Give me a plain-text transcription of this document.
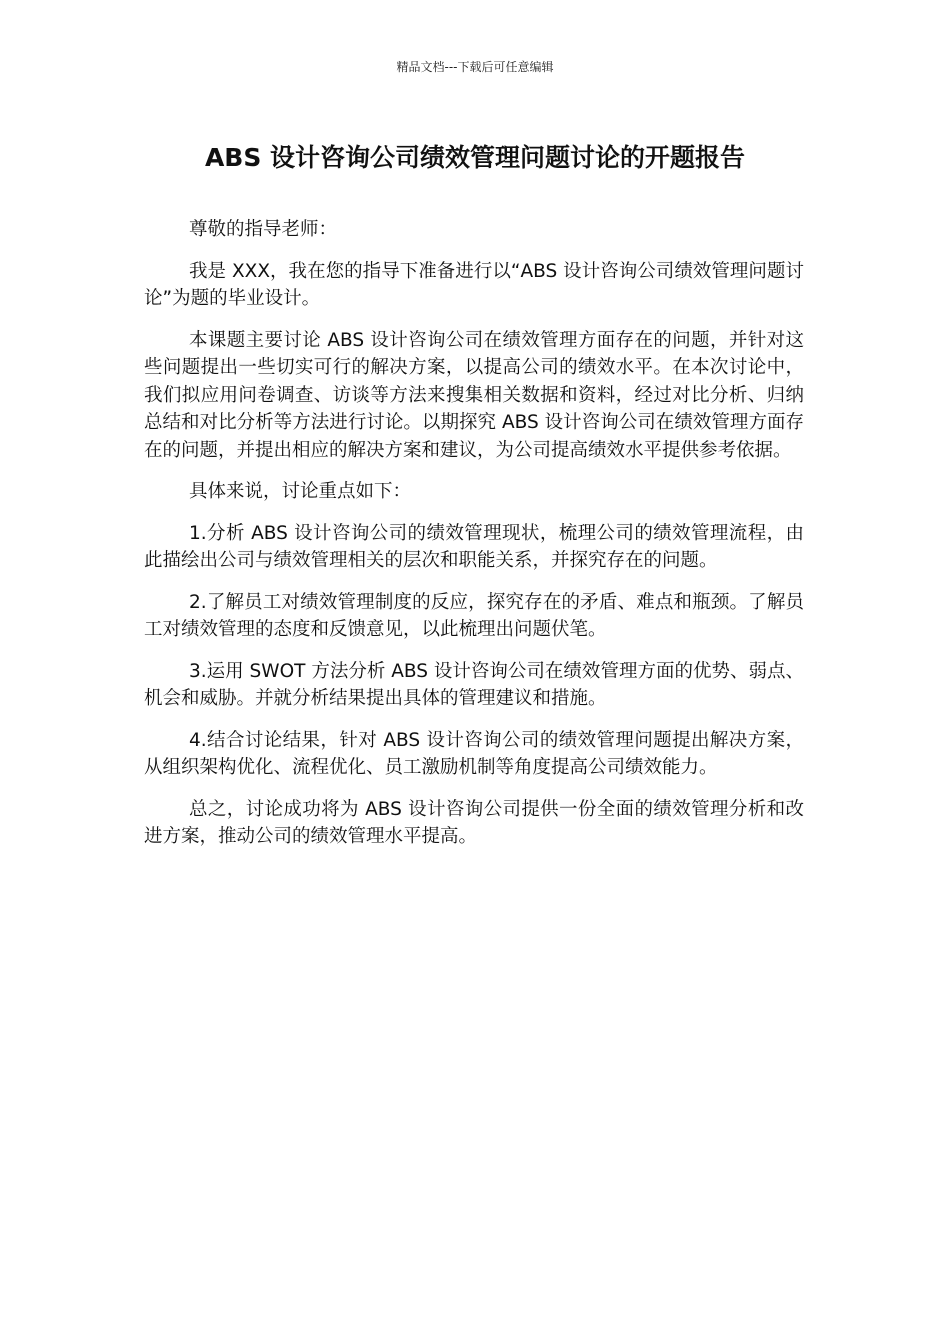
精品文档---下载后可任意编辑
ABS 设计咨询公司绩效管理问题讨论的开题报告

尊敬的指导老师：

我是 XXX，我在您的指导下准备进行以“ABS 设计咨询公司绩效管理问题讨论”为题的毕业设计。

本课题主要讨论 ABS 设计咨询公司在绩效管理方面存在的问题，并针对这些问题提出一些切实可行的解决方案，以提高公司的绩效水平。在本次讨论中，我们拟应用问卷调查、访谈等方法来搜集相关数据和资料，经过对比分析、归纳总结和对比分析等方法进行讨论。以期探究 ABS 设计咨询公司在绩效管理方面存在的问题，并提出相应的解决方案和建议，为公司提高绩效水平提供参考依据。

具体来说，讨论重点如下：

1.分析 ABS 设计咨询公司的绩效管理现状，梳理公司的绩效管理流程，由此描绘出公司与绩效管理相关的层次和职能关系，并探究存在的问题。

2.了解员工对绩效管理制度的反应，探究存在的矛盾、难点和瓶颈。了解员工对绩效管理的态度和反馈意见，以此梳理出问题伏笔。

3.运用 SWOT 方法分析 ABS 设计咨询公司在绩效管理方面的优势、弱点、机会和威胁。并就分析结果提出具体的管理建议和措施。

4.结合讨论结果，针对 ABS 设计咨询公司的绩效管理问题提出解决方案，从组织架构优化、流程优化、员工激励机制等角度提高公司绩效能力。

总之，讨论成功将为 ABS 设计咨询公司提供一份全面的绩效管理分析和改进方案，推动公司的绩效管理水平提高。
